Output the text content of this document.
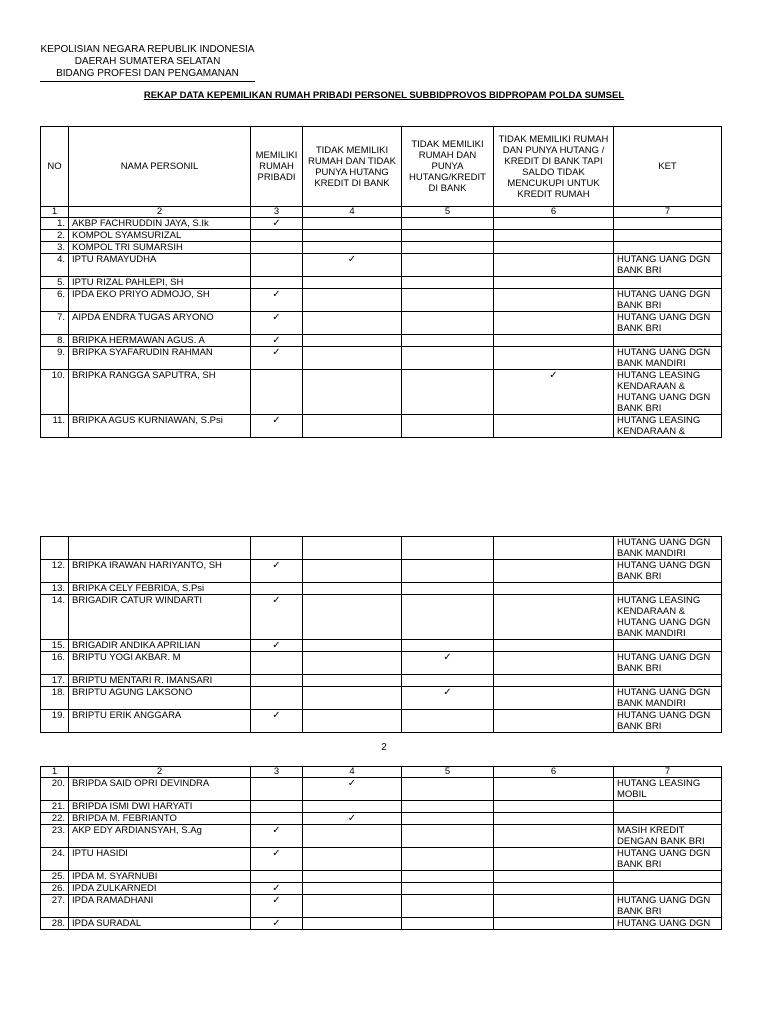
KEPOLISIAN NEGARA REPUBLIK INDONESIA
DAERAH SUMATERA SELATAN
BIDANG PROFESI DAN PENGAMANAN
REKAP DATA KEPEMILIKAN RUMAH PRIBADI PERSONEL SUBBIDPROVOS BIDPROPAM POLDA SUMSEL
NO	NAMA PERSONIL	MEMILIKI RUMAH PRIBADI	TIDAK MEMILIKI RUMAH DAN TIDAK PUNYA HUTANG KREDIT DI BANK	TIDAK MEMILIKI RUMAH DAN PUNYA HUTANG/KREDIT DI BANK	TIDAK MEMILIKI RUMAH DAN PUNYA HUTANG / KREDIT DI BANK TAPI SALDO TIDAK MENCUKUPI UNTUK KREDIT RUMAH	KET
1	2	3	4	5	6	7
1.	AKBP FACHRUDDIN JAYA, S.Ik	✓				
2.	KOMPOL SYAMSURIZAL					
3.	KOMPOL TRI SUMARSIH					
4.	IPTU RAMAYUDHA		✓			HUTANG UANG DGN BANK BRI
5.	IPTU RIZAL PAHLEPI, SH					
6.	IPDA EKO PRIYO ADMOJO, SH	✓				HUTANG UANG DGN BANK BRI
7.	AIPDA ENDRA TUGAS ARYONO	✓				HUTANG UANG DGN BANK BRI
8.	BRIPKA HERMAWAN AGUS. A	✓				
9.	BRIPKA SYAFARUDIN RAHMAN	✓				HUTANG UANG DGN BANK MANDIRI
10.	BRIPKA RANGGA SAPUTRA, SH				✓	HUTANG LEASING KENDARAAN & HUTANG UANG DGN BANK BRI
11.	BRIPKA AGUS KURNIAWAN, S.Psi	✓				HUTANG LEASING KENDARAAN &
						HUTANG UANG DGN BANK MANDIRI
12.	BRIPKA IRAWAN HARIYANTO, SH	✓				HUTANG UANG DGN BANK BRI
13.	BRIPKA CELY FEBRIDA, S.Psi					
14.	BRIGADIR CATUR WINDARTI	✓				HUTANG LEASING KENDARAAN & HUTANG UANG DGN BANK MANDIRI
15.	BRIGADIR ANDIKA APRILIAN	✓				
16.	BRIPTU YOGI AKBAR. M			✓		HUTANG UANG DGN BANK BRI
17.	BRIPTU MENTARI R. IMANSARI					
18.	BRIPTU AGUNG LAKSONO			✓		HUTANG UANG DGN BANK MANDIRI
19.	BRIPTU ERIK ANGGARA	✓				HUTANG UANG DGN BANK BRI
2
1	2	3	4	5	6	7
20.	BRIPDA SAID OPRI DEVINDRA		✓			HUTANG LEASING MOBIL
21.	BRIPDA ISMI DWI HARYATI					
22.	BRIPDA M. FEBRIANTO		✓			
23.	AKP EDY ARDIANSYAH, S.Ag	✓				MASIH KREDIT DENGAN BANK BRI
24.	IPTU HASIDI	✓				HUTANG UANG DGN BANK BRI
25.	IPDA M. SYARNUBI					
26.	IPDA ZULKARNEDI	✓				
27.	IPDA RAMADHANI	✓				HUTANG UANG DGN BANK BRI
28.	IPDA SURADAL	✓				HUTANG UANG DGN
